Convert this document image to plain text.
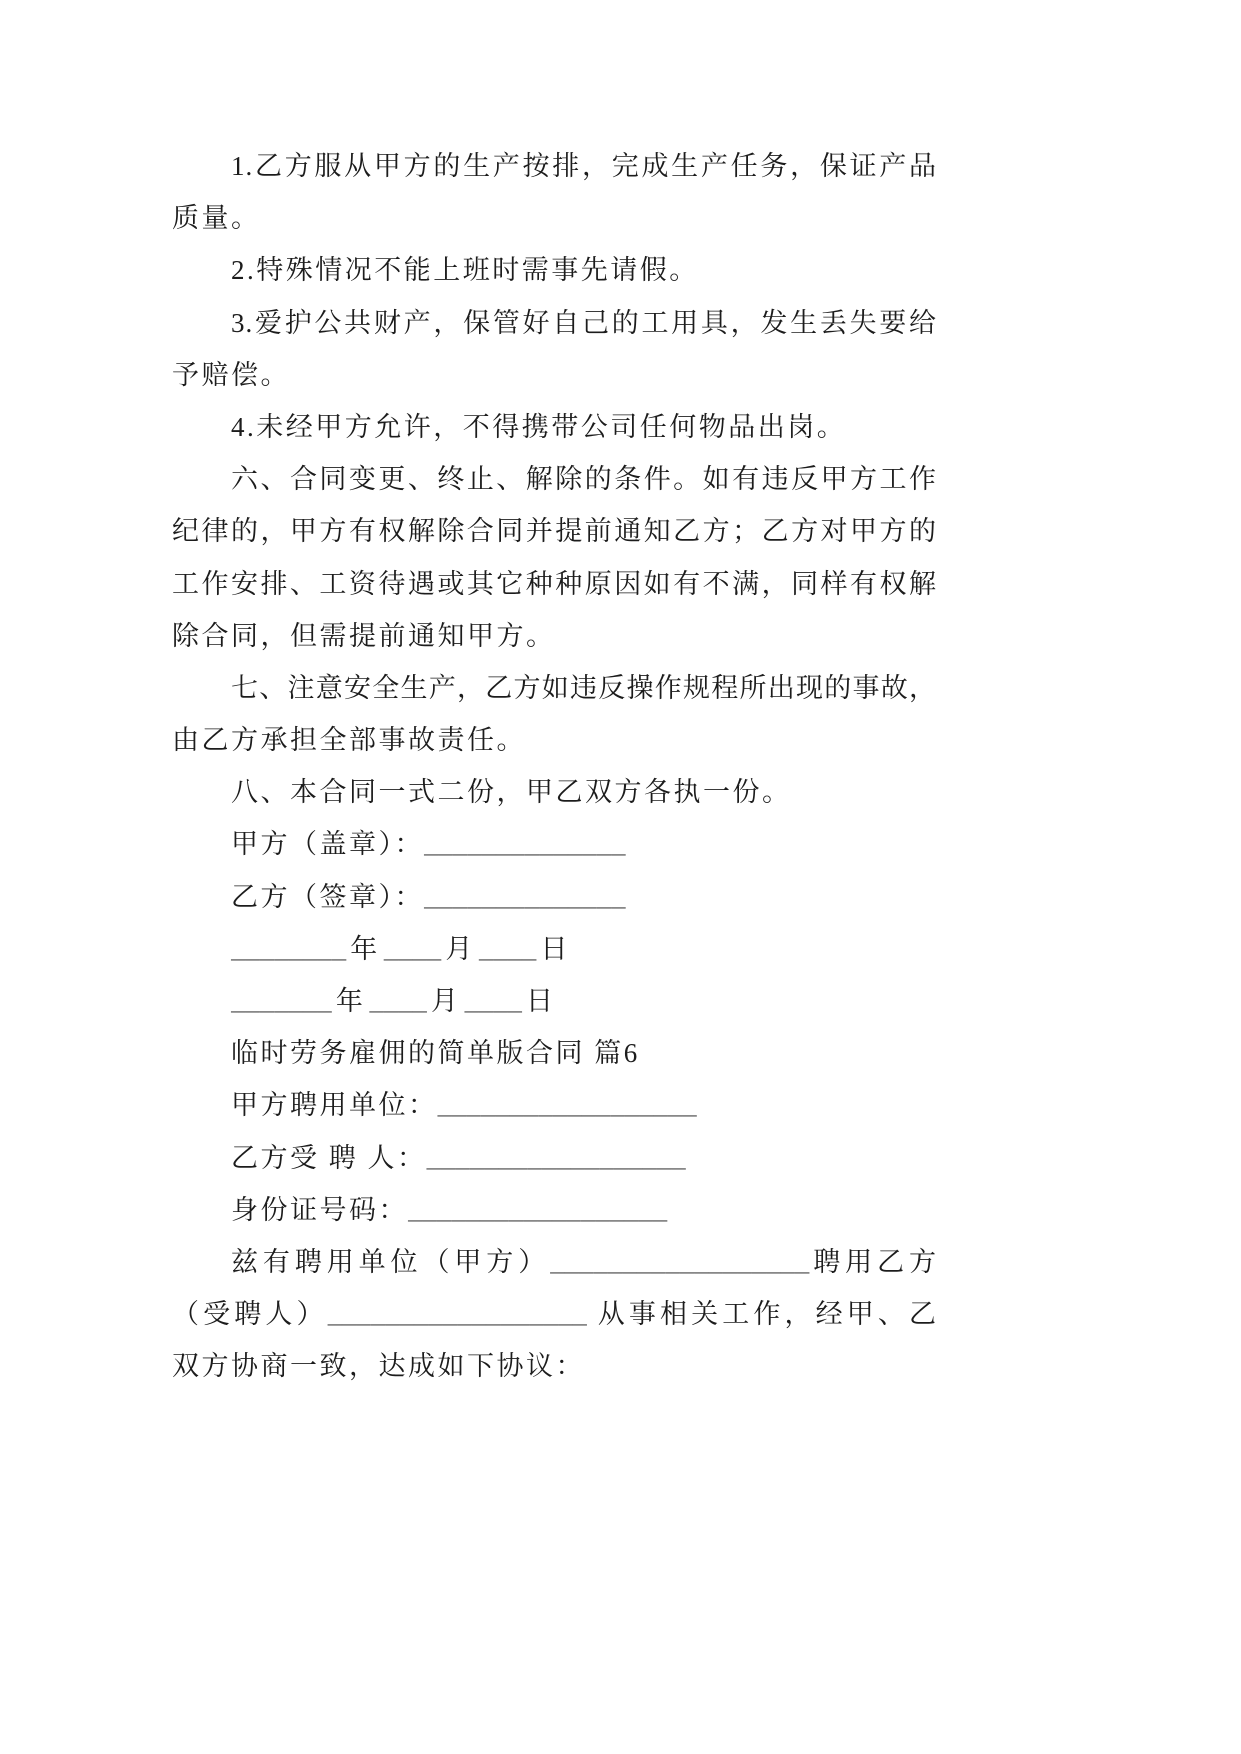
1.乙方服从甲方的生产按排，完成生产任务，保证产品
质量。
2.特殊情况不能上班时需事先请假。
3.爱护公共财产，保管好自己的工用具，发生丢失要给
予赔偿。
4.未经甲方允许，不得携带公司任何物品出岗。
六、合同变更、终止、解除的条件。如有违反甲方工作
纪律的，甲方有权解除合同并提前通知乙方；乙方对甲方的
工作安排、工资待遇或其它种种原因如有不满，同样有权解
除合同，但需提前通知甲方。
七、注意安全生产，乙方如违反操作规程所出现的事故，
由乙方承担全部事故责任。
八、本合同一式二份，甲乙双方各执一份。
甲方（盖章）：______________
乙方（签章）：______________
________ 年 ____ 月 ____ 日
_______ 年 ____ 月 ____ 日
临时劳务雇佣的简单版合同 篇6
甲方聘用单位：__________________
乙方受 聘 人：__________________
身份证号码：__________________
兹有聘用单位（甲方）__________________聘用乙方
（受聘人）__________________ 从事相关工作，经甲、乙
双方协商一致，达成如下协议：
